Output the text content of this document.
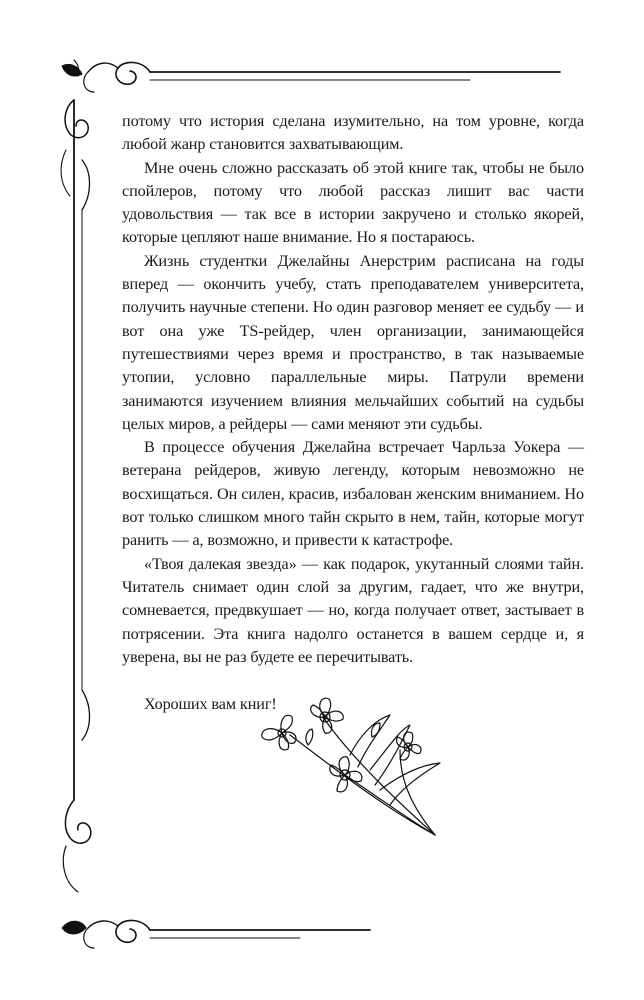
потому что история сделана изумительно, на том уровне, когда любой жанр становится захватывающим.

Мне очень сложно рассказать об этой книге так, чтобы не было спойлеров, потому что любой рассказ лишит вас части удовольствия — так все в истории закручено и столько якорей, которые цепляют наше внимание. Но я постараюсь.

Жизнь студентки Джелайны Анерстрим расписана на годы вперед — окончить учебу, стать преподавателем университета, получить научные степени. Но один разговор меняет ее судьбу — и вот она уже TS-рейдер, член организации, занимающейся путешествиями через время и пространство, в так называемые утопии, условно параллельные миры. Патрули времени занимаются изучением влияния мельчайших событий на судьбы целых миров, а рейдеры — сами меняют эти судьбы.

В процессе обучения Джелайна встречает Чарльза Уокера — ветерана рейдеров, живую легенду, которым невозможно не восхищаться. Он силен, красив, избалован женским вниманием. Но вот только слишком много тайн скрыто в нем, тайн, которые могут ранить — а, возможно, и привести к катастрофе.

«Твоя далекая звезда» — как подарок, укутанный слоями тайн. Читатель снимает один слой за другим, гадает, что же внутри, сомневается, предвкушает — но, когда получает ответ, застывает в потрясении. Эта книга надолго останется в вашем сердце и, я уверена, вы не раз будете ее перечитывать.

Хороших вам книг!
